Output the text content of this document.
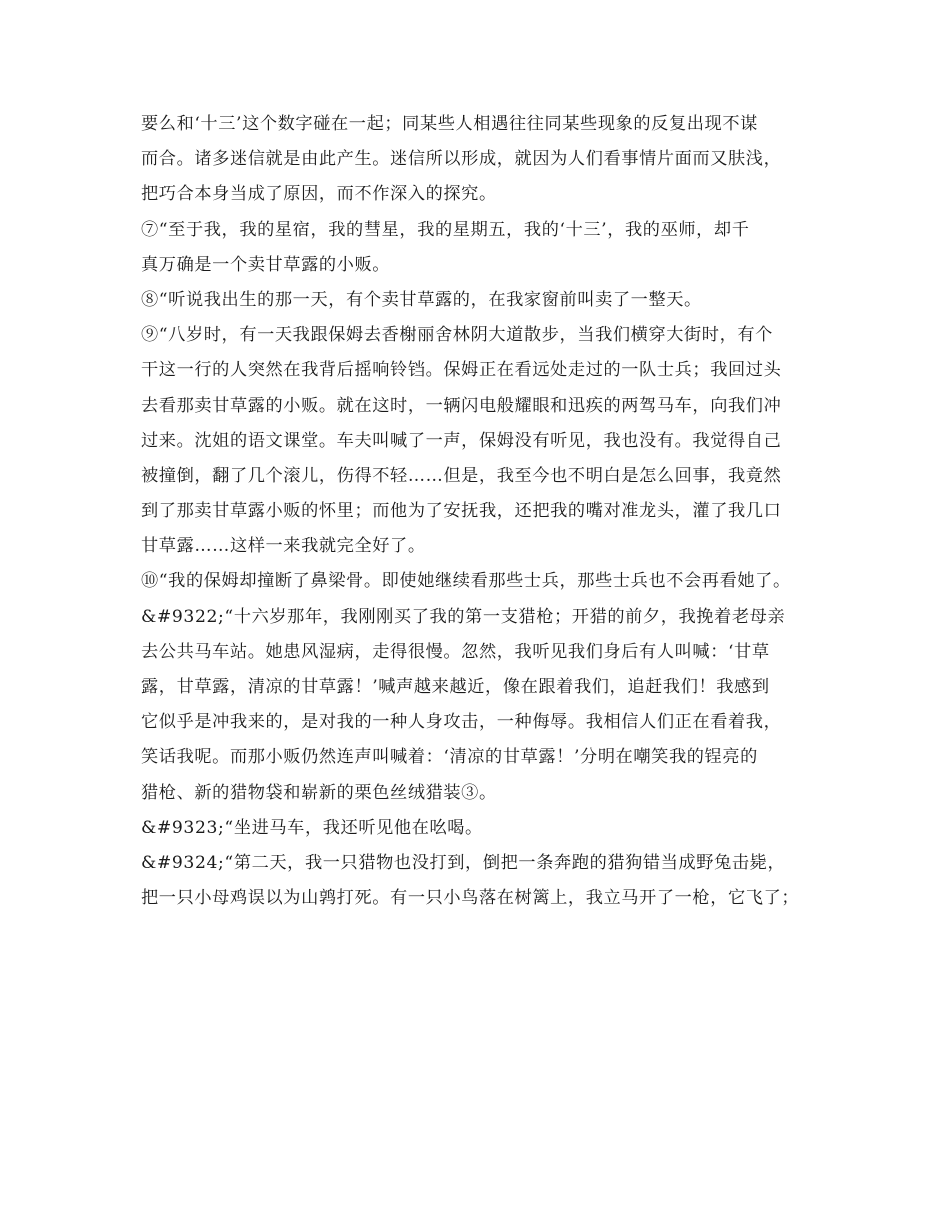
要么和‘十三’这个数字碰在一起；同某些人相遇往往同某些现象的反复出现不谋
而合。诸多迷信就是由此产生。迷信所以形成，就因为人们看事情片面而又肤浅，
把巧合本身当成了原因，而不作深入的探究。
⑦“至于我，我的星宿，我的彗星，我的星期五，我的‘十三’，我的巫师，却千
真万确是一个卖甘草露的小贩。
⑧“听说我出生的那一天，有个卖甘草露的，在我家窗前叫卖了一整天。
⑨“八岁时，有一天我跟保姆去香榭丽舍林阴大道散步，当我们横穿大街时，有个
干这一行的人突然在我背后摇响铃铛。保姆正在看远处走过的一队士兵；我回过头
去看那卖甘草露的小贩。就在这时，一辆闪电般耀眼和迅疾的两驾马车，向我们冲
过来。沈姐的语文课堂。车夫叫喊了一声，保姆没有听见，我也没有。我觉得自己
被撞倒，翻了几个滚儿，伤得不轻……但是，我至今也不明白是怎么回事，我竟然
到了那卖甘草露小贩的怀里；而他为了安抚我，还把我的嘴对准龙头，灌了我几口
甘草露……这样一来我就完全好了。
⑩“我的保姆却撞断了鼻梁骨。即使她继续看那些士兵，那些士兵也不会再看她了。
&#9322;“十六岁那年，我刚刚买了我的第一支猎枪；开猎的前夕，我挽着老母亲
去公共马车站。她患风湿病，走得很慢。忽然，我听见我们身后有人叫喊：‘甘草
露，甘草露，清凉的甘草露！’喊声越来越近，像在跟着我们，追赶我们！我感到
它似乎是冲我来的，是对我的一种人身攻击，一种侮辱。我相信人们正在看着我，
笑话我呢。而那小贩仍然连声叫喊着：‘清凉的甘草露！’分明在嘲笑我的锃亮的
猎枪、新的猎物袋和崭新的栗色丝绒猎装③。
&#9323;“坐进马车，我还听见他在吆喝。
&#9324;“第二天，我一只猎物也没打到，倒把一条奔跑的猎狗错当成野兔击毙，
把一只小母鸡误以为山鹑打死。有一只小鸟落在树篱上，我立马开了一枪，它飞了；
